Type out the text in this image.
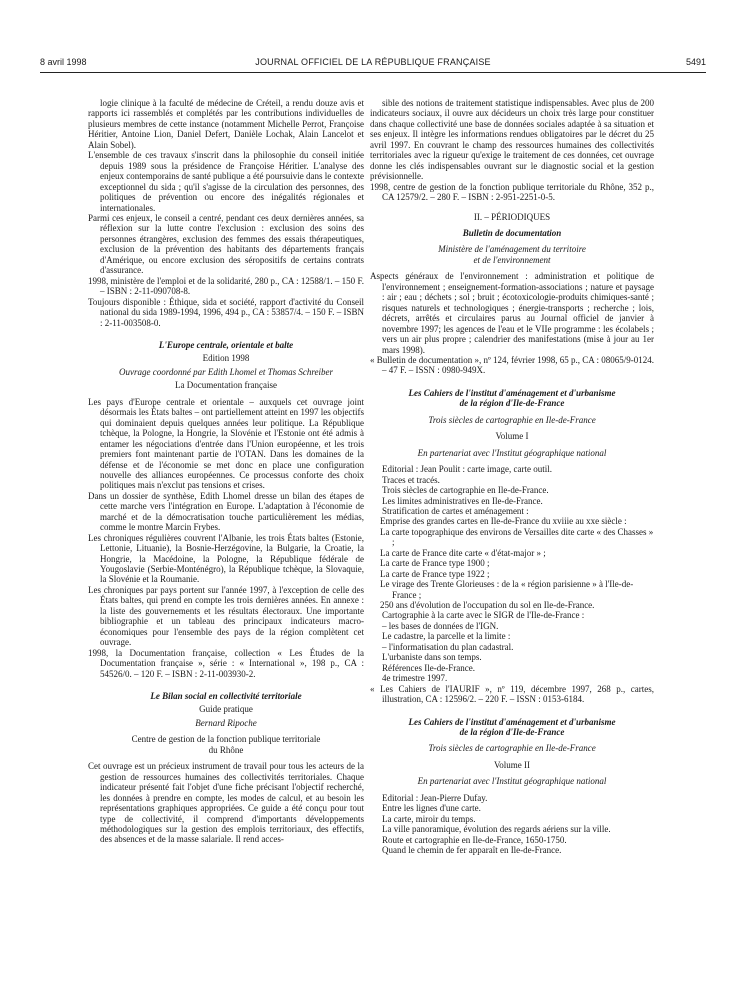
8 avril 1998	JOURNAL OFFICIEL DE LA RÉPUBLIQUE FRANÇAISE	5491

logie clinique à la faculté de médecine de Créteil, a rendu douze avis et rapports ici rassemblés et complétés par les contributions individuelles de plusieurs membres de cette instance (notamment Michelle Perrot, Françoise Héritier, Antoine Lion, Daniel Defert, Danièle Lochak, Alain Lancelot et Alain Sobel).

L'ensemble de ces travaux s'inscrit dans la philosophie du conseil initiée depuis 1989 sous la présidence de Françoise Héritier. L'analyse des enjeux contemporains de santé publique a été poursuivie dans le contexte exceptionnel du sida ; qu'il s'agisse de la circulation des personnes, des politiques de prévention ou encore des inégalités régionales et internationales.

Parmi ces enjeux, le conseil a centré, pendant ces deux dernières années, sa réflexion sur la lutte contre l'exclusion : exclusion des soins des personnes étrangères, exclusion des femmes des essais thérapeutiques, exclusion de la prévention des habitants des départements français d'Amérique, ou encore exclusion des séropositifs de certains contrats d'assurance.

1998, ministère de l'emploi et de la solidarité, 280 p., CA : 12588/1. – 150 F. – ISBN : 2-11-090708-8.

Toujours disponible : Éthique, sida et société, rapport d'activité du Conseil national du sida 1989-1994, 1996, 494 p., CA : 53857/4. – 150 F. – ISBN : 2-11-003508-0.

L'Europe centrale, orientale et balte

Edition 1998

Ouvrage coordonné par Edith Lhomel et Thomas Schreiber

La Documentation française

Les pays d'Europe centrale et orientale – auxquels cet ouvrage joint désormais les États baltes – ont partiellement atteint en 1997 les objectifs qui dominaient depuis quelques années leur politique. La République tchèque, la Pologne, la Hongrie, la Slovénie et l'Estonie ont été admis à entamer les négociations d'entrée dans l'Union européenne, et les trois premiers font maintenant partie de l'OTAN. Dans les domaines de la défense et de l'économie se met donc en place une configuration nouvelle des alliances européennes. Ce processus conforte des choix politiques mais n'exclut pas tensions et crises.

Dans un dossier de synthèse, Edith Lhomel dresse un bilan des étapes de cette marche vers l'intégration en Europe. L'adaptation à l'économie de marché et de la démocratisation touche particulièrement les médias, comme le montre Marcin Frybes.

Les chroniques régulières couvrent l'Albanie, les trois États baltes (Estonie, Lettonie, Lituanie), la Bosnie-Herzégovine, la Bulgarie, la Croatie, la Hongrie, la Macédoine, la Pologne, la République fédérale de Yougoslavie (Serbie-Monténégro), la République tchèque, la Slovaquie, la Slovénie et la Roumanie.

Les chroniques par pays portent sur l'année 1997, à l'exception de celle des États baltes, qui prend en compte les trois dernières années. En annexe : la liste des gouvernements et les résultats électoraux. Une importante bibliographie et un tableau des principaux indicateurs macro-économiques pour l'ensemble des pays de la région complètent cet ouvrage.

1998, la Documentation française, collection « Les Études de la Documentation française », série : « International », 198 p., CA : 54526/0. – 120 F. – ISBN : 2-11-003930-2.

Le Bilan social en collectivité territoriale

Guide pratique

Bernard Ripoche

Centre de gestion de la fonction publique territoriale

du Rhône

Cet ouvrage est un précieux instrument de travail pour tous les acteurs de la gestion de ressources humaines des collectivités territoriales. Chaque indicateur présenté fait l'objet d'une fiche précisant l'objectif recherché, les données à prendre en compte, les modes de calcul, et au besoin les représentations graphiques appropriées. Ce guide a été conçu pour tout type de collectivité, il comprend d'importants développements méthodologiques sur la gestion des emplois territoriaux, des effectifs, des absences et de la masse salariale. Il rend acces-

sible des notions de traitement statistique indispensables. Avec plus de 200 indicateurs sociaux, il ouvre aux décideurs un choix très large pour constituer dans chaque collectivité une base de données sociales adaptée à sa situation et ses enjeux. Il intègre les informations rendues obligatoires par le décret du 25 avril 1997. En couvrant le champ des ressources humaines des collectivités territoriales avec la rigueur qu'exige le traitement de ces données, cet ouvrage donne les clés indispensables ouvrant sur le diagnostic social et la gestion prévisionnelle.

1998, centre de gestion de la fonction publique territoriale du Rhône, 352 p., CA 12579/2. – 280 F. – ISBN : 2-951-2251-0-5.

II. – PÉRIODIQUES

Bulletin de documentation

Ministère de l'aménagement du territoire

et de l'environnement

Aspects généraux de l'environnement : administration et politique de l'environnement ; enseignement-formation-associations ; nature et paysage : air ; eau ; déchets ; sol ; bruit ; écotoxicologie-produits chimiques-santé ; risques naturels et technologiques ; énergie-transports ; recherche ; lois, décrets, arrêtés et circulaires parus au Journal officiel de janvier à novembre 1997; les agences de l'eau et le VIIe programme : les écolabels ; vers un air plus propre ; calendrier des manifestations (mise à jour au 1er mars 1998).

« Bulletin de documentation », nº 124, février 1998, 65 p., CA : 08065/9-0124. – 47 F. – ISSN : 0980-949X.

Les Cahiers de l'institut d'aménagement et d'urbanisme

de la région d'Ile-de-France

Trois siècles de cartographie en Ile-de-France

Volume I

En partenariat avec l'Institut géographique national

Editorial : Jean Poulit : carte image, carte outil.

Traces et tracés.

Trois siècles de cartographie en Ile-de-France.

Les limites administratives en Ile-de-France.

Stratification de cartes et aménagement :

Emprise des grandes cartes en Ile-de-France du xviiie au xxe siècle :

La carte topographique des environs de Versailles dite carte « des Chasses » ;

La carte de France dite carte « d'état-major » ;

La carte de France type 1900 ;

La carte de France type 1922 ;

Le virage des Trente Glorieuses : de la « région parisienne » à l'Ile-de-France ;

250 ans d'évolution de l'occupation du sol en Ile-de-France.

Cartographie à la carte avec le SIGR de l'Ile-de-France :

– les bases de données de l'IGN.

Le cadastre, la parcelle et la limite :

– l'informatisation du plan cadastral.

L'urbaniste dans son temps.

Références Ile-de-France.

4e trimestre 1997.

« Les Cahiers de l'IAURIF », nº 119, décembre 1997, 268 p., cartes, illustration, CA : 12596/2. – 220 F. – ISSN : 0153-6184.

Les Cahiers de l'institut d'aménagement et d'urbanisme

de la région d'Ile-de-France

Trois siècles de cartographie en Ile-de-France

Volume II

En partenariat avec l'Institut géographique national

Editorial : Jean-Pierre Dufay.

Entre les lignes d'une carte.

La carte, miroir du temps.

La ville panoramique, évolution des regards aériens sur la ville.

Route et cartographie en Ile-de-France, 1650-1750.

Quand le chemin de fer apparaît en Ile-de-France.
